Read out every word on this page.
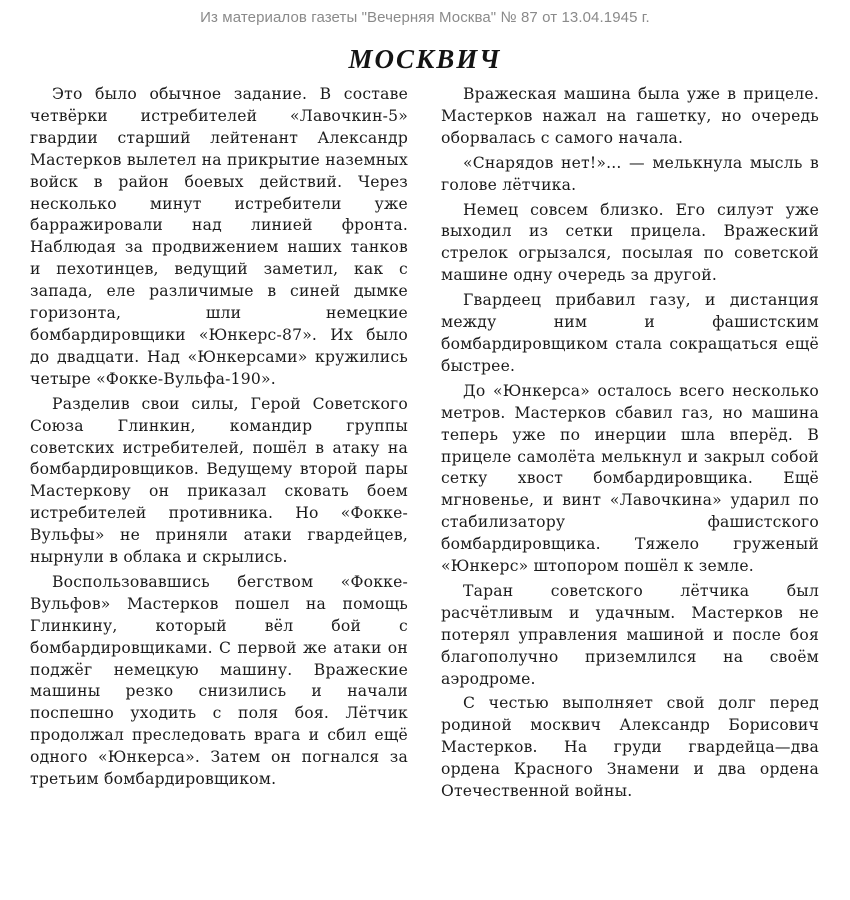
Из материалов газеты "Вечерняя Москва" № 87 от 13.04.1945 г.
МОСКВИЧ

Это было обычное задание. В составе четвёрки истребителей «Лавочкин-5» гвардии старший лейтенант Александр Мастерков вылетел на прикрытие наземных войск в район боевых действий. Через несколько минут истребители уже барражировали над линией фронта. Наблюдая за продвижением наших танков и пехотинцев, ведущий заметил, как с запада, еле различимые в синей дымке горизонта, шли немецкие бомбардировщики «Юнкерс-87». Их было до двадцати. Над «Юнкерсами» кружились четыре «Фокке-Вульфа-190».

Разделив свои силы, Герой Советского Союза Глинкин, командир группы советских истребителей, пошёл в атаку на бомбардировщиков. Ведущему второй пары Мастеркову он приказал сковать боем истребителей противника. Но «Фокке-Вульфы» не приняли атаки гвардейцев, нырнули в облака и скрылись.

Воспользовавшись бегством «Фокке-Вульфов» Мастерков пошел на помощь Глинкину, который вёл бой с бомбардировщиками. С первой же атаки он поджёг немецкую машину. Вражеские машины резко снизились и начали поспешно уходить с поля боя. Лётчик продолжал преследовать врага и сбил ещё одного «Юнкерса». Затем он погнался за третьим бомбардировщиком.

Вражеская машина была уже в прицеле. Мастерков нажал на гашетку, но очередь оборвалась с самого начала.

«Снарядов нет!»... — мелькнула мысль в голове лётчика.

Немец совсем близко. Его силуэт уже выходил из сетки прицела. Вражеский стрелок огрызался, посылая по советской машине одну очередь за другой.

Гвардеец прибавил газу, и дистанция между ним и фашистским бомбардировщиком стала сокращаться ещё быстрее.

До «Юнкерса» осталось всего несколько метров. Мастерков сбавил газ, но машина теперь уже по инерции шла вперёд. В прицеле самолёта мелькнул и закрыл собой сетку хвост бомбардировщика. Ещё мгновенье, и винт «Лавочкина» ударил по стабилизатору фашистского бомбардировщика. Тяжело груженый «Юнкерс» штопором пошёл к земле.

Таран советского лётчика был расчётливым и удачным. Мастерков не потерял управления машиной и после боя благополучно приземлился на своём аэродроме.

С честью выполняет свой долг перед родиной москвич Александр Борисович Мастерков. На груди гвардейца—два ордена Красного Знамени и два ордена Отечественной войны.
